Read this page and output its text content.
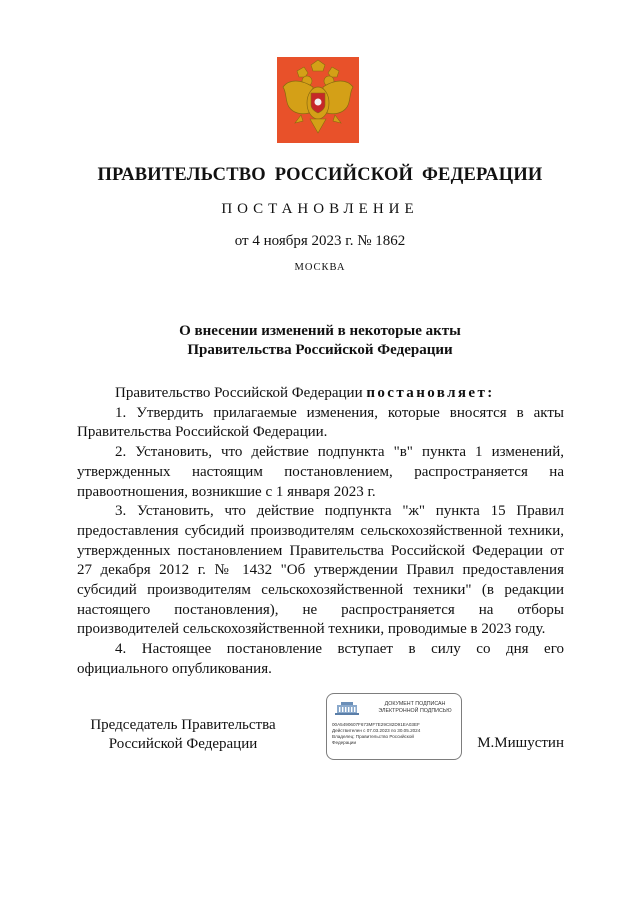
ПРАВИТЕЛЬСТВО РОССИЙСКОЙ ФЕДЕРАЦИИ
ПОСТАНОВЛЕНИЕ
от 4 ноября 2023 г. № 1862
МОСКВА
О внесении изменений в некоторые акты
Правительства Российской Федерации

Правительство Российской Федерации постановляет:

1. Утвердить прилагаемые изменения, которые вносятся в акты Правительства Российской Федерации.

2. Установить, что действие подпункта "в" пункта 1 изменений, утвержденных настоящим постановлением, распространяется на правоотношения, возникшие с 1 января 2023 г.

3. Установить, что действие подпункта "ж" пункта 15 Правил предоставления субсидий производителям сельскохозяйственной техники, утвержденных постановлением Правительства Российской Федерации от 27 декабря 2012 г. № 1432 "Об утверждении Правил предоставления субсидий производителям сельскохозяйственной техники" (в редакции настоящего постановления), не распространяется на отборы производителей сельскохозяйственной техники, проводимые в 2023 году.

4. Настоящее постановление вступает в силу со дня его официального опубликования.

Председатель Правительства
Российской Федерации
ДОКУМЕНТ ПОДПИСАН
ЭЛЕКТРОННОЙ ПОДПИСЬЮ
00A5490607F673MF7E29C82D91EA03EF
Действителен с 07.03.2023 по 30.05.2024
Владелец: Правительство Российской
Федерации	М.Мишустин
